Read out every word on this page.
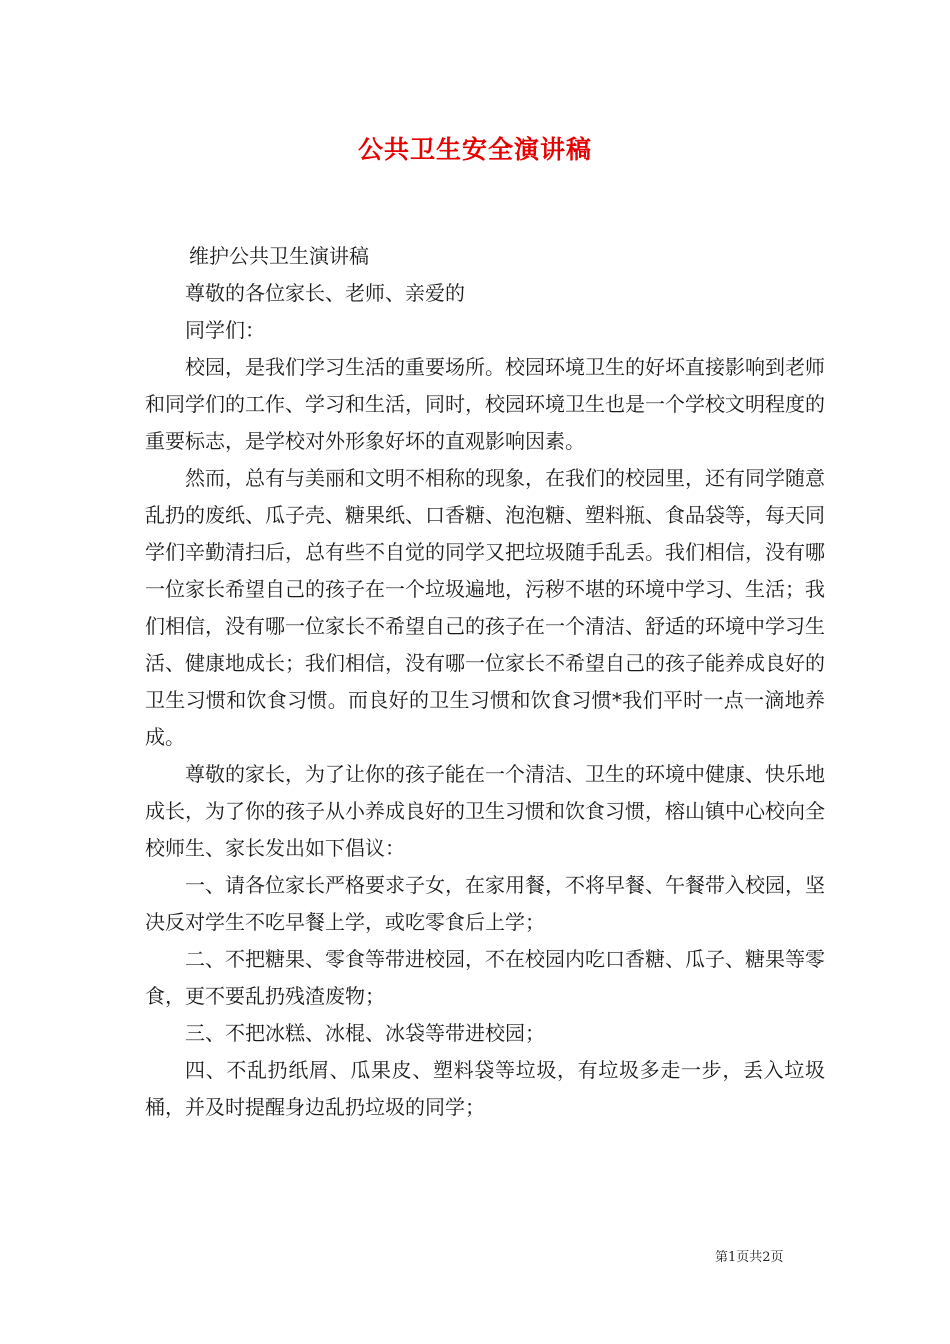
公共卫生安全演讲稿

维护公共卫生演讲稿

尊敬的各位家长、老师、亲爱的

同学们：

校园，是我们学习生活的重要场所。校园环境卫生的好坏直接影响到老师和同学们的工作、学习和生活，同时，校园环境卫生也是一个学校文明程度的重要标志，是学校对外形象好坏的直观影响因素。

然而，总有与美丽和文明不相称的现象，在我们的校园里，还有同学随意乱扔的废纸、瓜子壳、糖果纸、口香糖、泡泡糖、塑料瓶、食品袋等，每天同学们辛勤清扫后，总有些不自觉的同学又把垃圾随手乱丢。我们相信，没有哪一位家长希望自己的孩子在一个垃圾遍地，污秽不堪的环境中学习、生活；我们相信，没有哪一位家长不希望自己的孩子在一个清洁、舒适的环境中学习生活、健康地成长；我们相信，没有哪一位家长不希望自己的孩子能养成良好的卫生习惯和饮食习惯。而良好的卫生习惯和饮食习惯*我们平时一点一滴地养成。

尊敬的家长，为了让你的孩子能在一个清洁、卫生的环境中健康、快乐地成长，为了你的孩子从小养成良好的卫生习惯和饮食习惯，榕山镇中心校向全校师生、家长发出如下倡议：

一、请各位家长严格要求子女，在家用餐，不将早餐、午餐带入校园，坚决反对学生不吃早餐上学，或吃零食后上学；

二、不把糖果、零食等带进校园，不在校园内吃口香糖、瓜子、糖果等零食，更不要乱扔残渣废物；

三、不把冰糕、冰棍、冰袋等带进校园；

四、不乱扔纸屑、瓜果皮、塑料袋等垃圾，有垃圾多走一步，丢入垃圾桶，并及时提醒身边乱扔垃圾的同学；

第1页共2页
